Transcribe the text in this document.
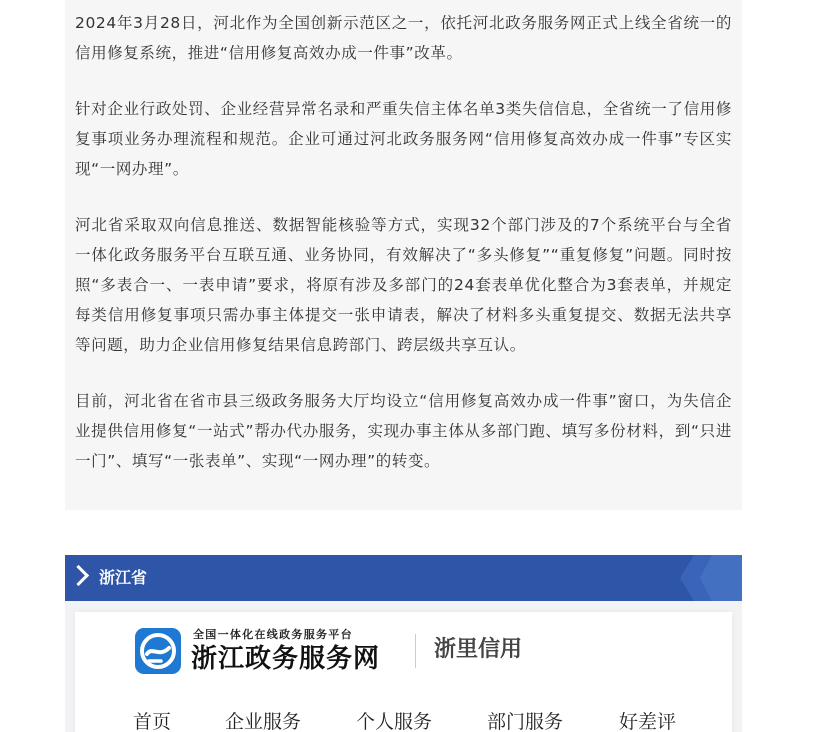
2024年3月28日，河北作为全国创新示范区之一，依托河北政务服务网正式上线全省统一的信用修复系统，推进“信用修复高效办成一件事”改革。

针对企业行政处罚、企业经营异常名录和严重失信主体名单3类失信信息，全省统一了信用修复事项业务办理流程和规范。企业可通过河北政务服务网“信用修复高效办成一件事”专区实现“一网办理”。

河北省采取双向信息推送、数据智能核验等方式，实现32个部门涉及的7个系统平台与全省一体化政务服务平台互联互通、业务协同，有效解决了“多头修复”“重复修复”问题。同时按照“多表合一、一表申请”要求，将原有涉及多部门的24套表单优化整合为3套表单，并规定每类信用修复事项只需办事主体提交一张申请表，解决了材料多头重复提交、数据无法共享等问题，助力企业信用修复结果信息跨部门、跨层级共享互认。

目前，河北省在省市县三级政务服务大厅均设立“信用修复高效办成一件事”窗口，为失信企业提供信用修复“一站式”帮办代办服务，实现办事主体从多部门跑、填写多份材料，到“只进一门”、填写“一张表单”、实现“一网办理”的转变。

浙江省
全国一体化在线政务服务平台
浙江政务服务网 浙里信用
首页	企业服务	个人服务	部门服务	好差评
